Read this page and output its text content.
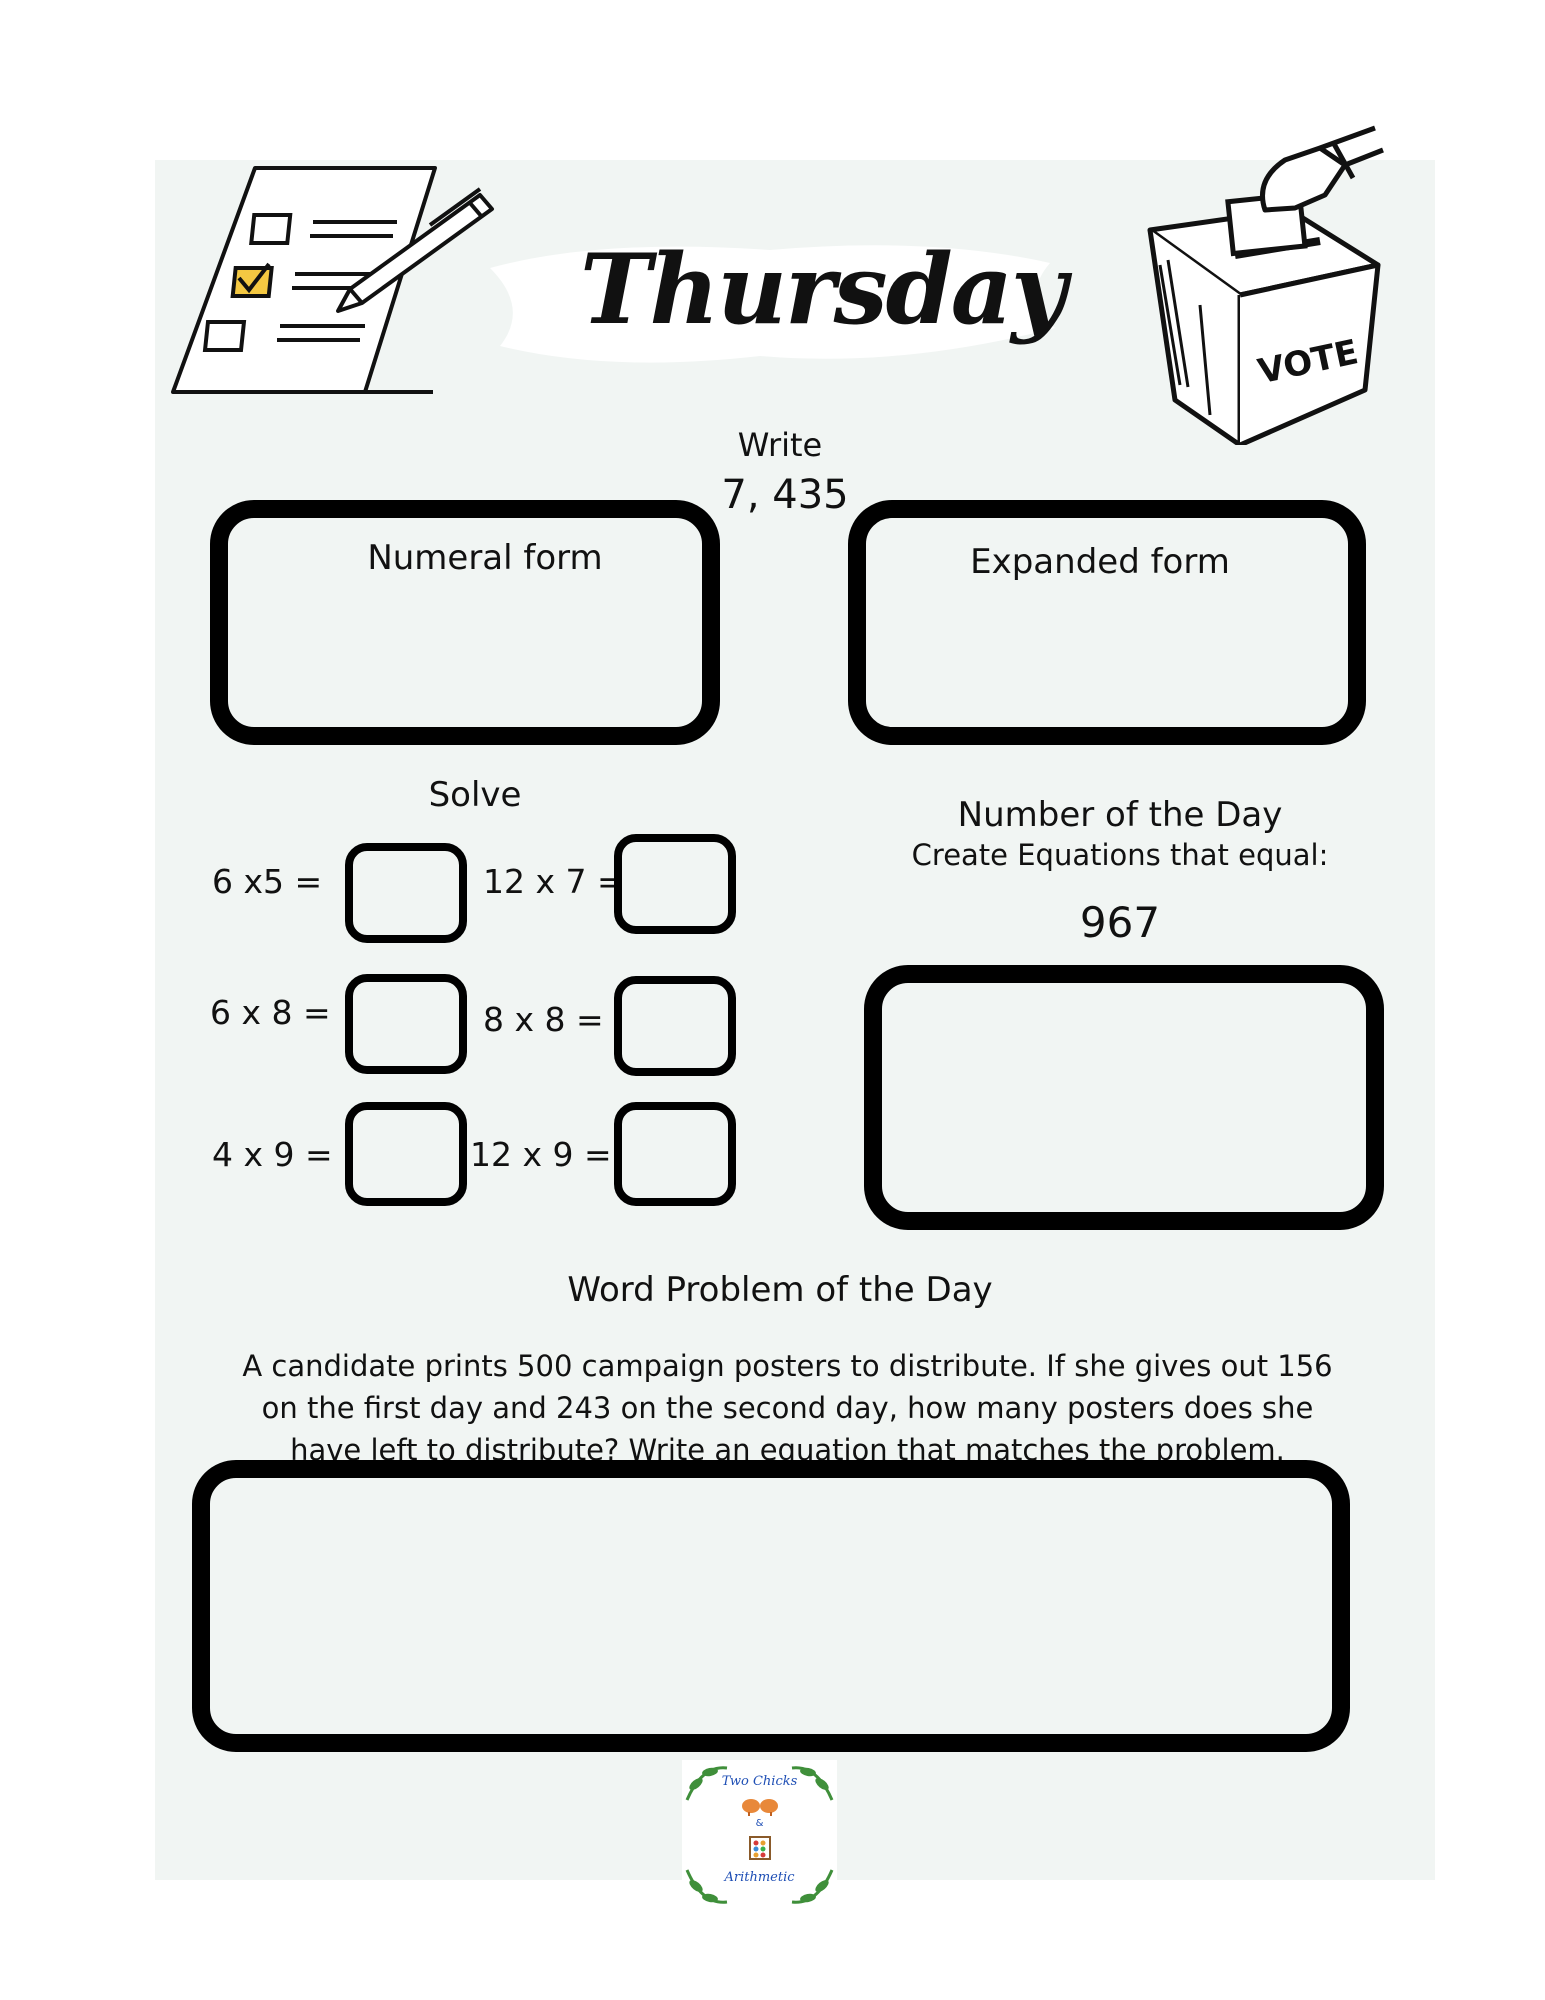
Thursday
VOTE
Write
7, 435
Numeral form	Expanded form
Solve
6 x5 =	12 x 7 =
6 x 8 =	8 x 8 =
4 x 9 =	12 x 9 =
Number of the Day
Create Equations that equal:
967
Word Problem of the Day
A candidate prints 500 campaign posters to distribute. If she gives out 156
on the first day and 243 on the second day, how many posters does she
have left to distribute? Write an equation that matches the problem.
Two Chicks
&
Arithmetic
